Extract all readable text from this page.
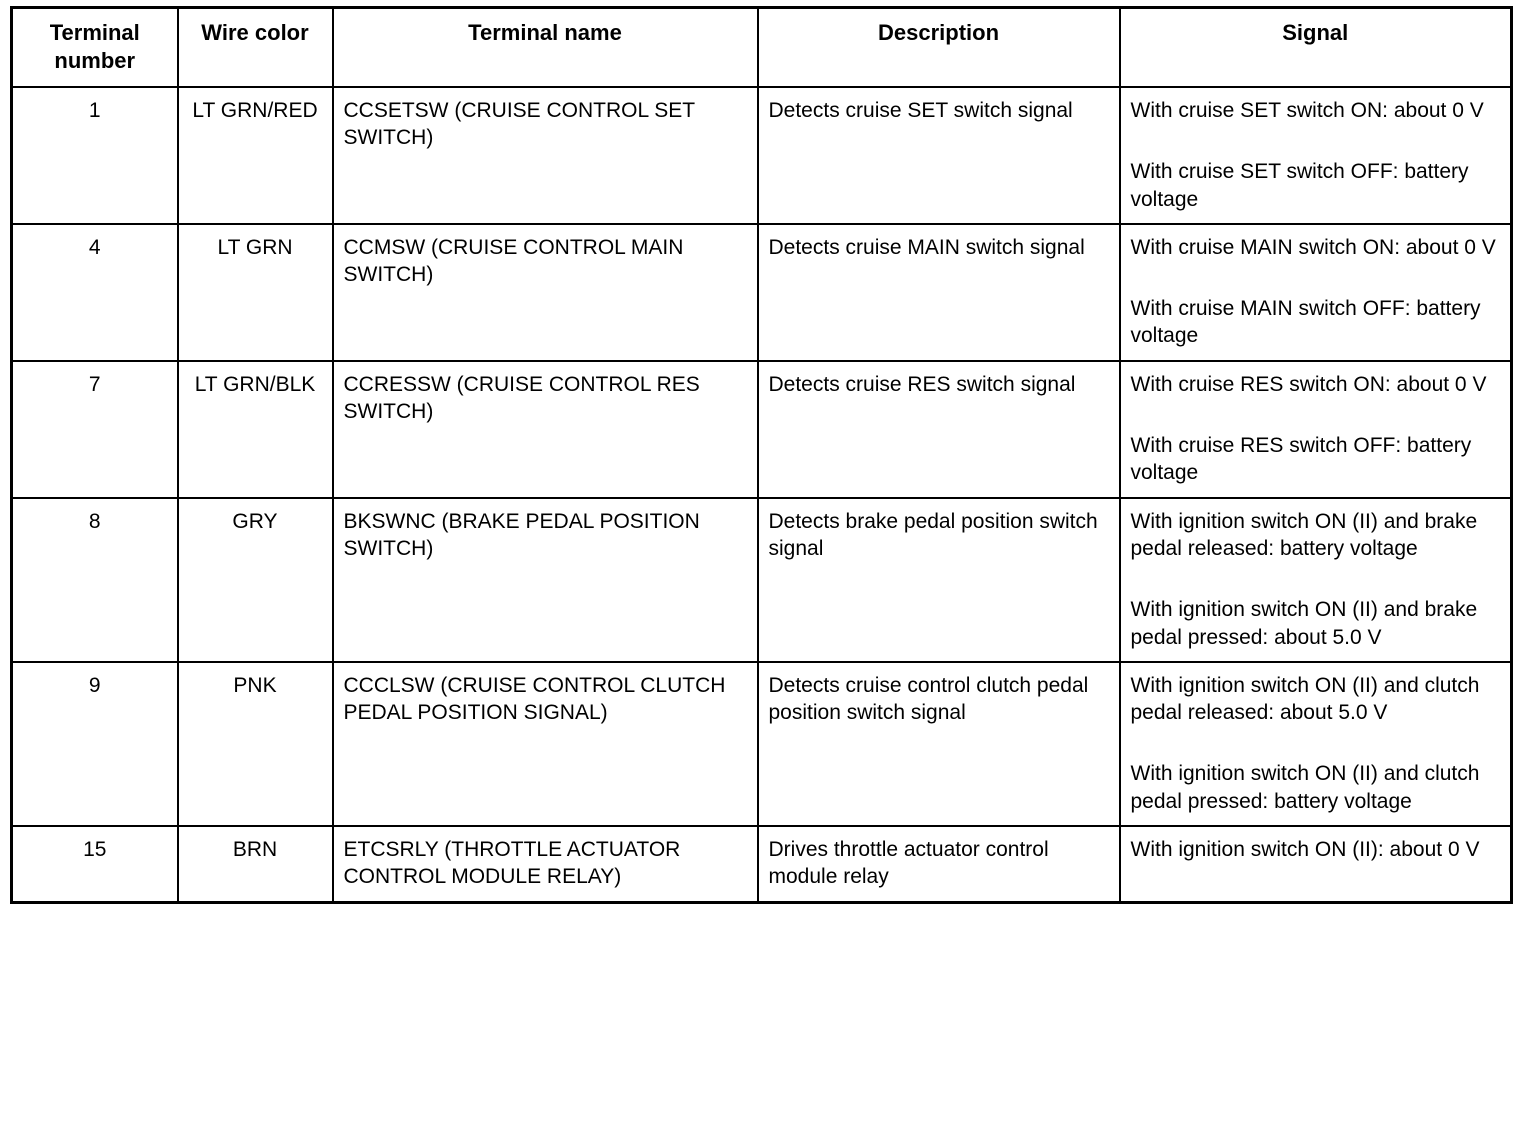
Terminal number	Wire color	Terminal name	Description	Signal
1	LT GRN/RED	CCSETSW (CRUISE CONTROL SET SWITCH)	Detects cruise SET switch signal	With cruise SET switch ON: about 0 V
With cruise SET switch OFF: battery voltage

4	LT GRN	CCMSW (CRUISE CONTROL MAIN SWITCH)	Detects cruise MAIN switch signal	With cruise MAIN switch ON: about 0 V
With cruise MAIN switch OFF: battery voltage

7	LT GRN/BLK	CCRESSW (CRUISE CONTROL RES SWITCH)	Detects cruise RES switch signal	With cruise RES switch ON: about 0 V
With cruise RES switch OFF: battery voltage

8	GRY	BKSWNC (BRAKE PEDAL POSITION SWITCH)	Detects brake pedal position switch signal	With ignition switch ON (II) and brake pedal released: battery voltage
With ignition switch ON (II) and brake pedal pressed: about 5.0 V

9	PNK	CCCLSW (CRUISE CONTROL CLUTCH PEDAL POSITION SIGNAL)	Detects cruise control clutch pedal position switch signal	With ignition switch ON (II) and clutch pedal released: about 5.0 V
With ignition switch ON (II) and clutch pedal pressed: battery voltage

15	BRN	ETCSRLY (THROTTLE ACTUATOR CONTROL MODULE RELAY)	Drives throttle actuator control module relay	With ignition switch ON (II): about 0 V
